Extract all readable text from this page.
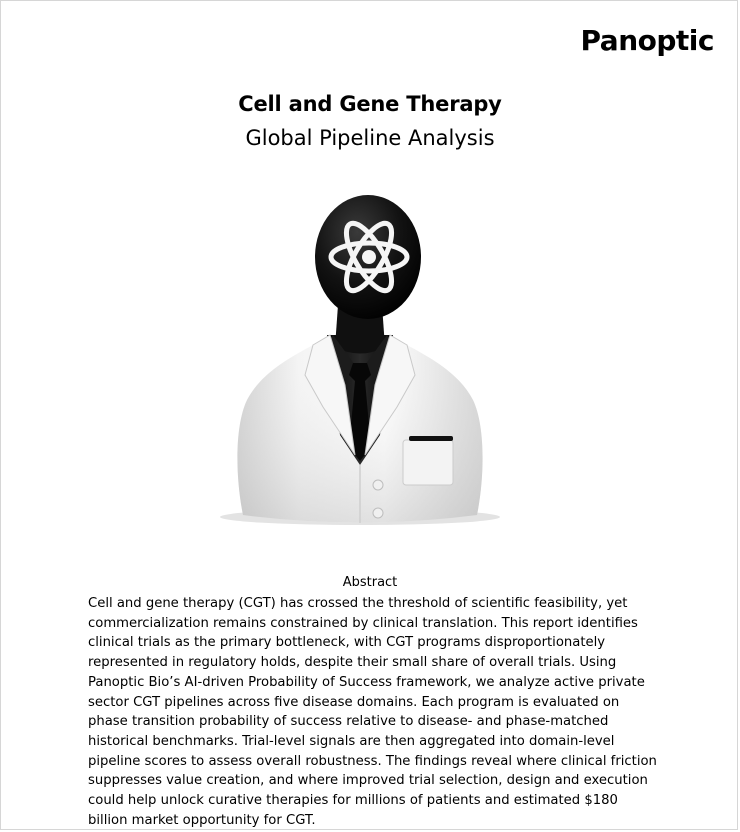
Panoptic
Cell and Gene Therapy
Global Pipeline Analysis
Abstract

Cell and gene therapy (CGT) has crossed the threshold of scientific feasibility, yet commercialization remains constrained by clinical translation. This report identifies clinical trials as the primary bottleneck, with CGT programs disproportionately represented in regulatory holds, despite their small share of overall trials. Using Panoptic Bio’s AI-driven Probability of Success framework, we analyze active private sector CGT pipelines across five disease domains. Each program is evaluated on phase transition probability of success relative to disease- and phase-matched historical benchmarks. Trial-level signals are then aggregated into domain-level pipeline scores to assess overall robustness. The findings reveal where clinical friction suppresses value creation, and where improved trial selection, design and execution could help unlock curative therapies for millions of patients and estimated $180 billion market opportunity for CGT.
